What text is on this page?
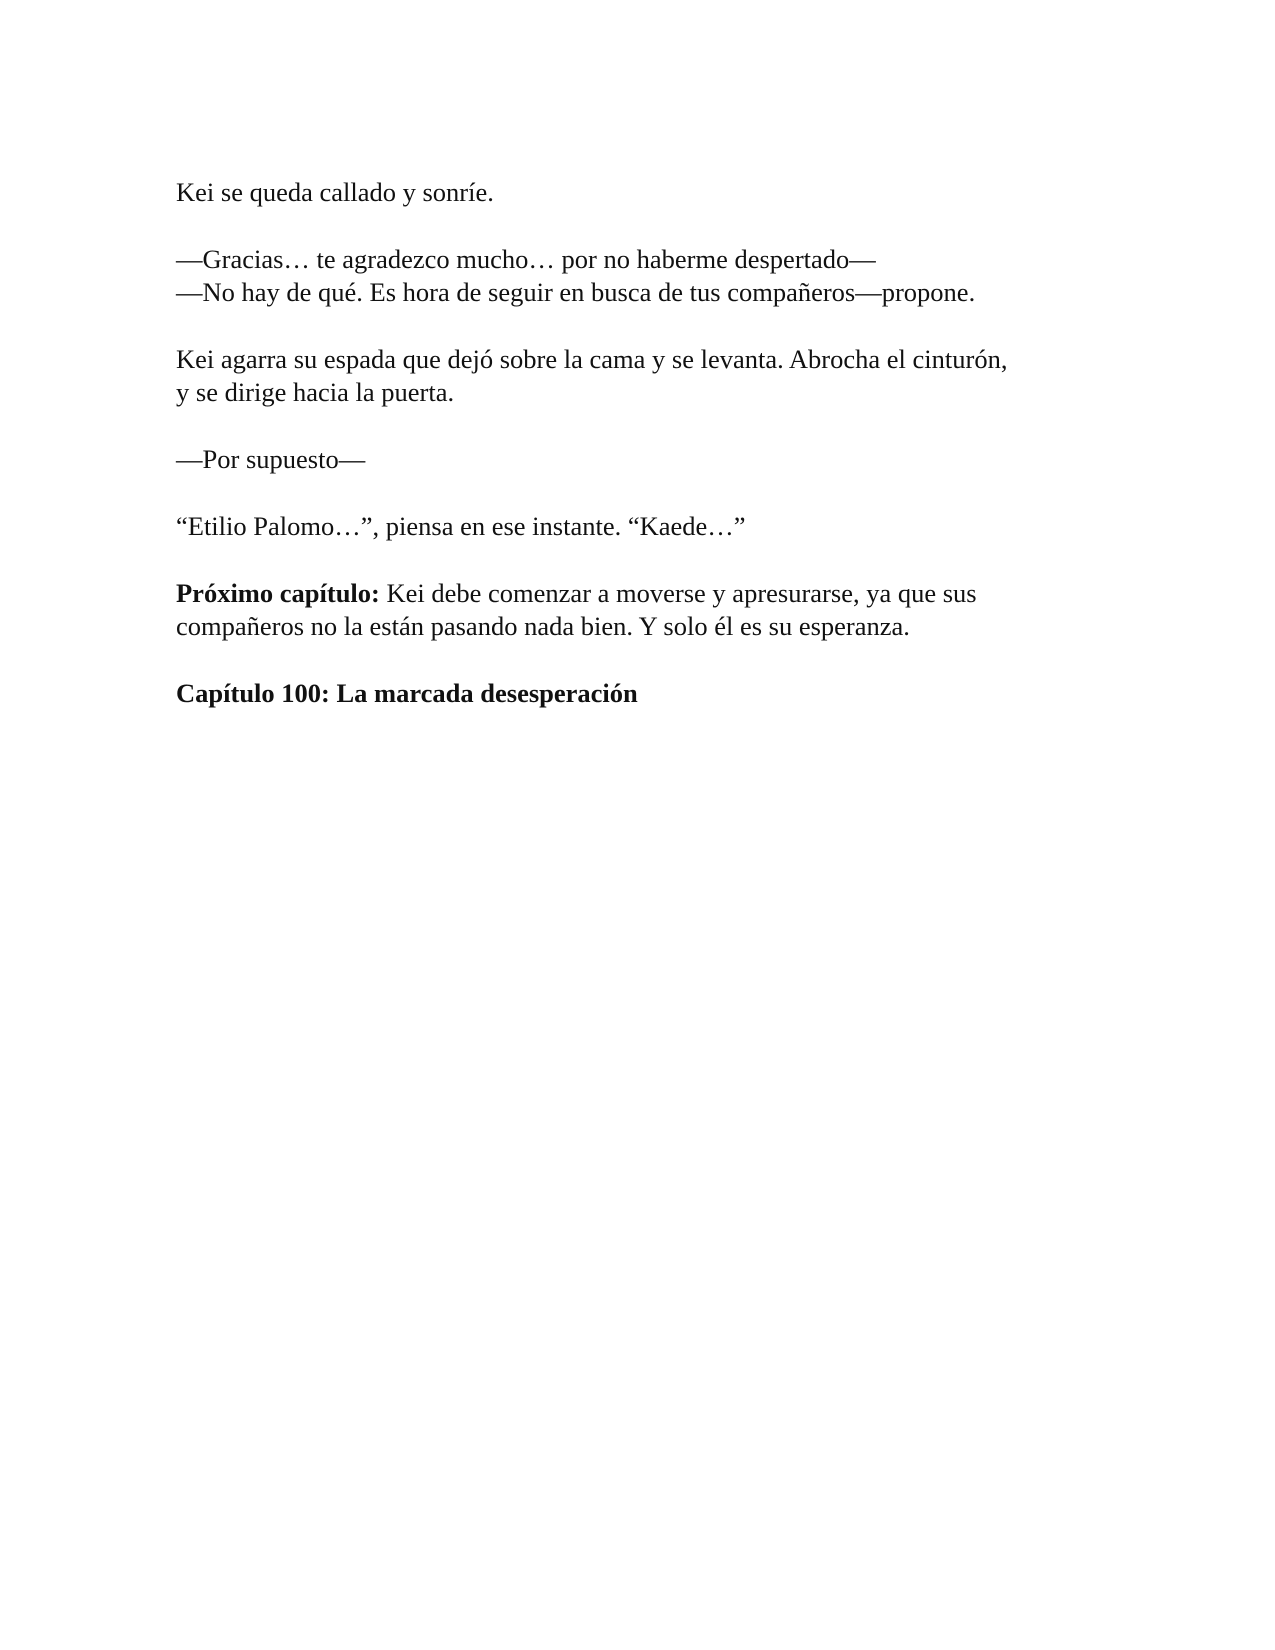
Kei se queda callado y sonríe.

—Gracias… te agradezco mucho… por no haberme despertado—
—No hay de qué. Es hora de seguir en busca de tus compañeros—propone.

Kei agarra su espada que dejó sobre la cama y se levanta. Abrocha el cinturón,
y se dirige hacia la puerta.

—Por supuesto—

“Etilio Palomo…”, piensa en ese instante. “Kaede…”

Próximo capítulo: Kei debe comenzar a moverse y apresurarse, ya que sus
compañeros no la están pasando nada bien. Y solo él es su esperanza.

Capítulo 100: La marcada desesperación
